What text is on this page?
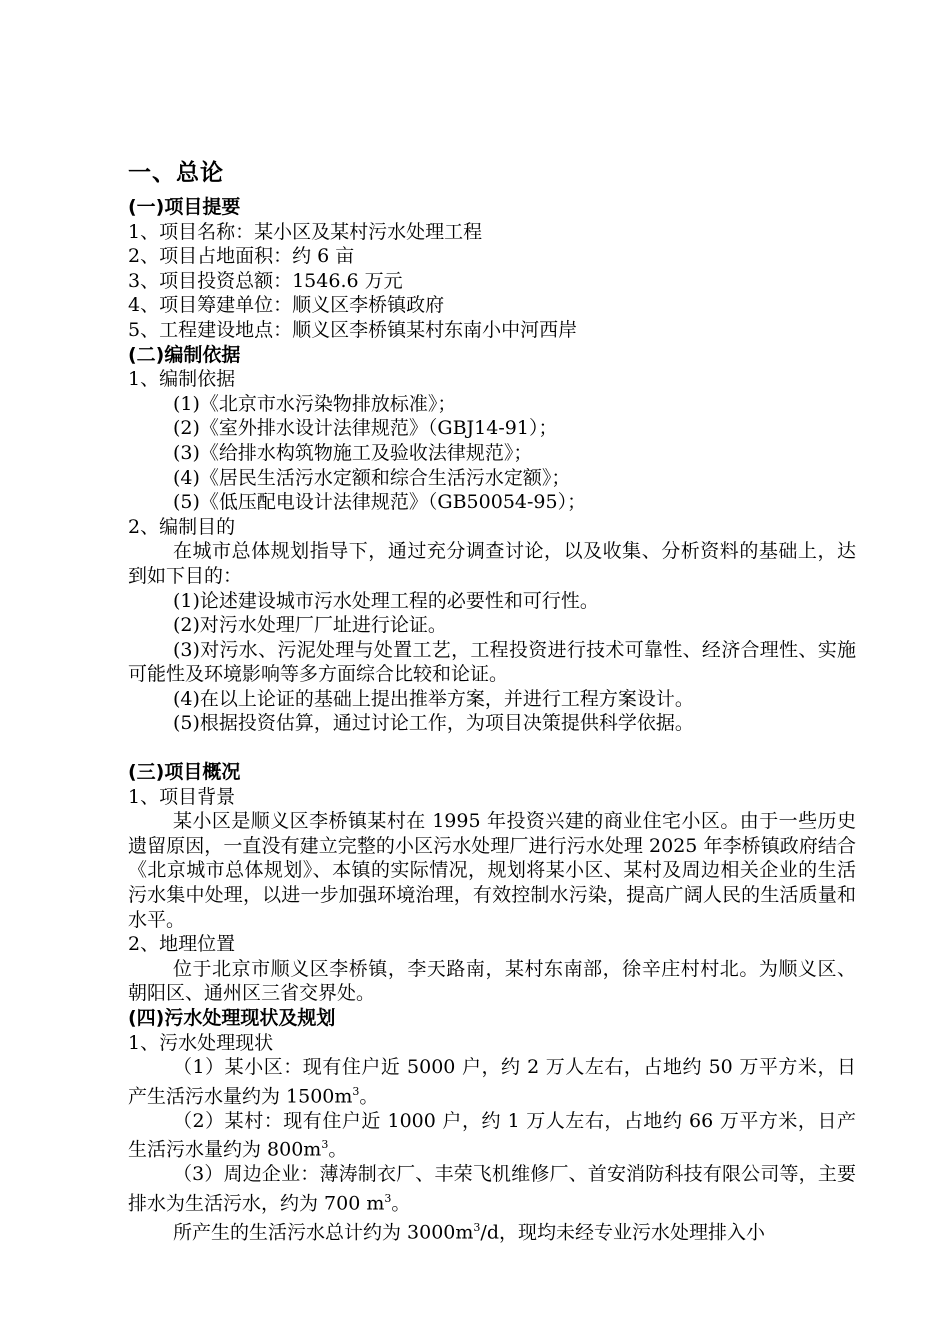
一、总论

(一)项目提要

1、项目名称：某小区及某村污水处理工程

2、项目占地面积：约 6 亩

3、项目投资总额：1546.6 万元

4、项目筹建单位：顺义区李桥镇政府

5、工程建设地点：顺义区李桥镇某村东南小中河西岸

(二)编制依据

1、编制依据

(1)《北京市水污染物排放标准》；

(2)《室外排水设计法律规范》（GBJ14-91）；

(3)《给排水构筑物施工及验收法律规范》；

(4)《居民生活污水定额和综合生活污水定额》；

(5)《低压配电设计法律规范》（GB50054-95）；

2、编制目的

在城市总体规划指导下，通过充分调查讨论，以及收集、分析资料的基础上，达到如下目的：

(1)论述建设城市污水处理工程的必要性和可行性。

(2)对污水处理厂厂址进行论证。

(3)对污水、污泥处理与处置工艺，工程投资进行技术可靠性、经济合理性、实施可能性及环境影响等多方面综合比较和论证。

(4)在以上论证的基础上提出推举方案，并进行工程方案设计。

(5)根据投资估算，通过讨论工作，为项目决策提供科学依据。

(三)项目概况

1、项目背景

某小区是顺义区李桥镇某村在 1995 年投资兴建的商业住宅小区。由于一些历史遗留原因，一直没有建立完整的小区污水处理厂进行污水处理 2025 年李桥镇政府结合《北京城市总体规划》、本镇的实际情况，规划将某小区、某村及周边相关企业的生活污水集中处理，以进一步加强环境治理，有效控制水污染，提高广阔人民的生活质量和水平。

2、地理位置

位于北京市顺义区李桥镇，李天路南，某村东南部，徐辛庄村村北。为顺义区、朝阳区、通州区三省交界处。

(四)污水处理现状及规划

1、污水处理现状

（1）某小区：现有住户近 5000 户，约 2 万人左右，占地约 50 万平方米，日产生活污水量约为 $1500m^3$。

（2）某村：现有住户近 1000 户，约 1 万人左右，占地约 66 万平方米，日产生活污水量约为 $800m^3$。

（3）周边企业：薄涛制衣厂、丰荣飞机维修厂、首安消防科技有限公司等，主要排水为生活污水，约为 700 $m^3$。

所产生的生活污水总计约为 $3000m^3/d$，现均未经专业污水处理排入小
